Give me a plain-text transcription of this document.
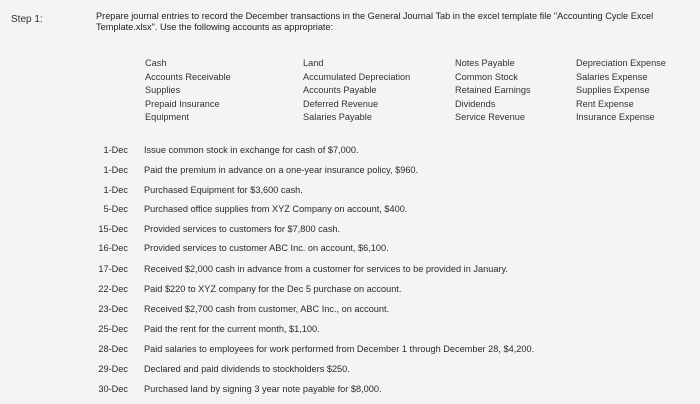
Step 1:	Prepare journal entries to record the December transactions in the General Journal Tab in the excel template file "Accounting Cycle Excel Template.xlsx". Use the following accounts as appropriate:
Cash
Accounts Receivable
Supplies
Prepaid Insurance
Equipment
Land
Accumulated Depreciation
Accounts Payable
Deferred Revenue
Salaries Payable
Notes Payable
Common Stock
Retained Earnings
Dividends
Service Revenue
Depreciation Expense
Salaries Expense
Supplies Expense
Rent Expense
Insurance Expense
1-Dec Issue common stock in exchange for cash of $7,000.
1-Dec Paid the premium in advance on a one-year insurance policy, $960.
1-Dec Purchased Equipment for $3,600 cash.
5-Dec Purchased office supplies from XYZ Company on account, $400.
15-Dec Provided services to customers for $7,800 cash.
16-Dec Provided services to customer ABC Inc. on account, $6,100.
17-Dec Received $2,000 cash in advance from a customer for services to be provided in January.
22-Dec Paid $220 to XYZ company for the Dec 5 purchase on account.
23-Dec Received $2,700 cash from customer, ABC Inc., on account.
25-Dec Paid the rent for the current month, $1,100.
28-Dec Paid salaries to employees for work performed from December 1 through December 28, $4,200.
29-Dec Declared and paid dividends to stockholders $250.
30-Dec Purchased land by signing 3 year note payable for $8,000.
